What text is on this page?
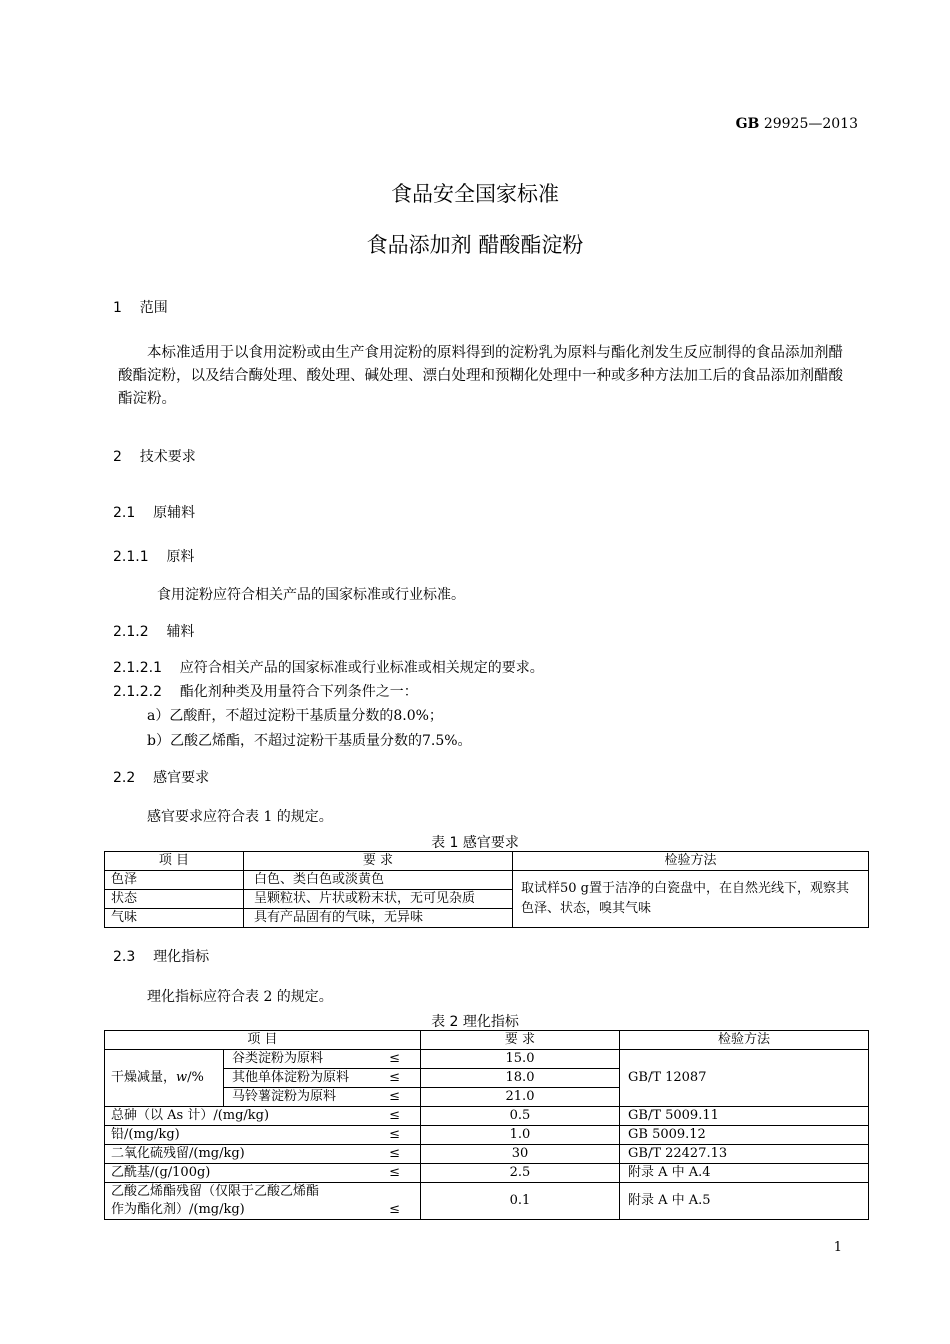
GB 29925—2013
食品安全国家标准
食品添加剂 醋酸酯淀粉
1 范围
本标准适用于以食用淀粉或由生产食用淀粉的原料得到的淀粉乳为原料与酯化剂发生反应制得的食品添加剂醋酸酯淀粉，以及结合酶处理、酸处理、碱处理、漂白处理和预糊化处理中一种或多种方法加工后的食品添加剂醋酸酯淀粉。
2 技术要求
2.1 原辅料
2.1.1 原料
食用淀粉应符合相关产品的国家标准或行业标准。
2.1.2 辅料
2.1.2.1 应符合相关产品的国家标准或行业标准或相关规定的要求。
2.1.2.2 酯化剂种类及用量符合下列条件之一：
a）乙酸酐，不超过淀粉干基质量分数的8.0%；
b）乙酸乙烯酯，不超过淀粉干基质量分数的7.5%。
2.2 感官要求
感官要求应符合表 1 的规定。
表 1 感官要求
项 目	要 求	检验方法
色泽	白色、类白色或淡黄色	取试样50 g置于洁净的白瓷盘中，在自然光线下，观察其色泽、状态，嗅其气味
状态	呈颗粒状、片状或粉末状，无可见杂质	
气味	具有产品固有的气味，无异味	
2.3 理化指标
理化指标应符合表 2 的规定。
表 2 理化指标
项 目		要 求	检验方法
干燥减量，w/%	谷类淀粉为原料 ≤	15.0	GB/T 12087
	其他单体淀粉为原料 ≤	18.0	
	马铃薯淀粉为原料 ≤	21.0	
总砷（以 As 计）/(mg/kg) ≤		0.5	GB/T 5009.11
铅/(mg/kg) ≤		1.0	GB 5009.12
二氧化硫残留/(mg/kg) ≤		30	GB/T 22427.13
乙酰基/(g/100g) ≤		2.5	附录 A 中 A.4

乙酸乙烯酯残留（仅限于乙酸乙烯酯
作为酯化剂）/(mg/kg) ≤		0.1	附录 A 中 A.5
1
